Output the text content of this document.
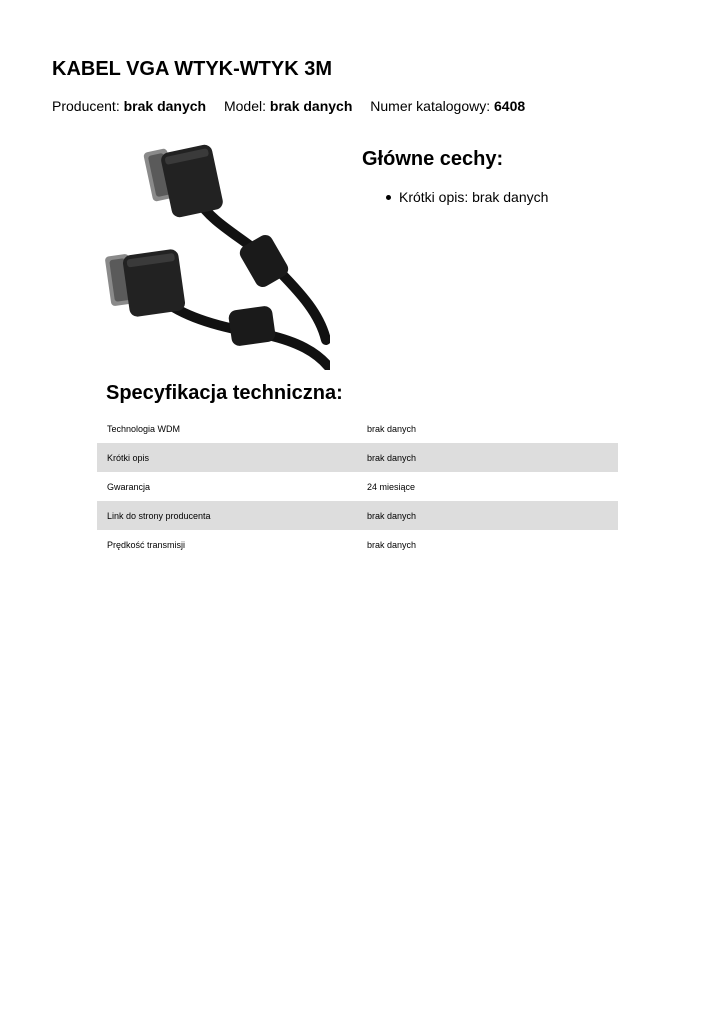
KABEL VGA WTYK-WTYK 3M
Producent: brak danych Model: brak danych Numer katalogowy: 6408
Główne cechy:
Krótki opis: brak danych
Specyfikacja techniczna:
Technologia WDM	brak danych
Krótki opis	brak danych
Gwarancja	24 miesiące
Link do strony producenta	brak danych
Prędkość transmisji	brak danych
